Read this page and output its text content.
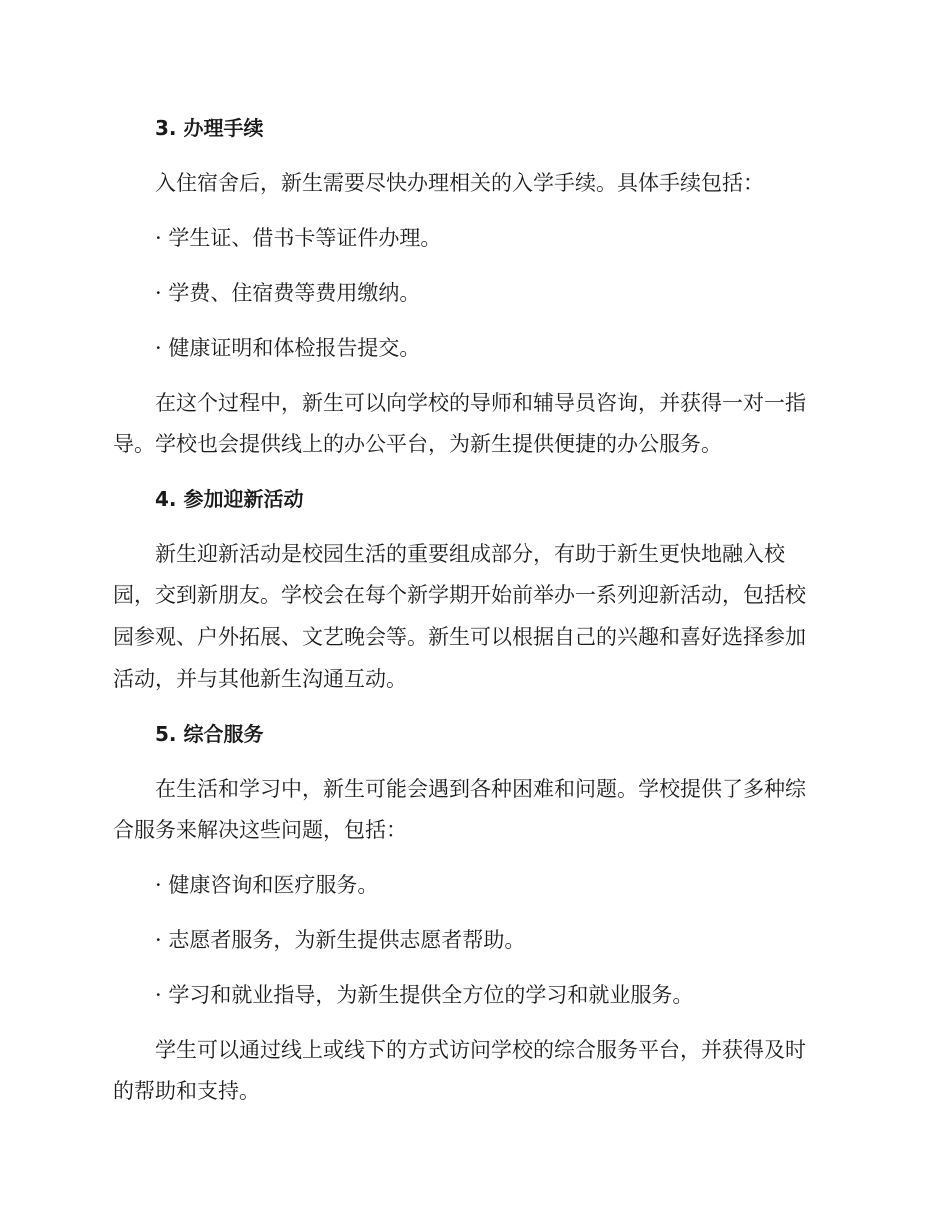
3. 办理手续
入住宿舍后，新生需要尽快办理相关的入学手续。具体手续包括：
· 学生证、借书卡等证件办理。
· 学费、住宿费等费用缴纳。
· 健康证明和体检报告提交。
在这个过程中，新生可以向学校的导师和辅导员咨询，并获得一对一指
导。学校也会提供线上的办公平台，为新生提供便捷的办公服务。
4. 参加迎新活动
新生迎新活动是校园生活的重要组成部分，有助于新生更快地融入校
园，交到新朋友。学校会在每个新学期开始前举办一系列迎新活动，包括校
园参观、户外拓展、文艺晚会等。新生可以根据自己的兴趣和喜好选择参加
活动，并与其他新生沟通互动。
5. 综合服务
在生活和学习中，新生可能会遇到各种困难和问题。学校提供了多种综
合服务来解决这些问题，包括：
· 健康咨询和医疗服务。
· 志愿者服务，为新生提供志愿者帮助。
· 学习和就业指导，为新生提供全方位的学习和就业服务。
学生可以通过线上或线下的方式访问学校的综合服务平台，并获得及时
的帮助和支持。
